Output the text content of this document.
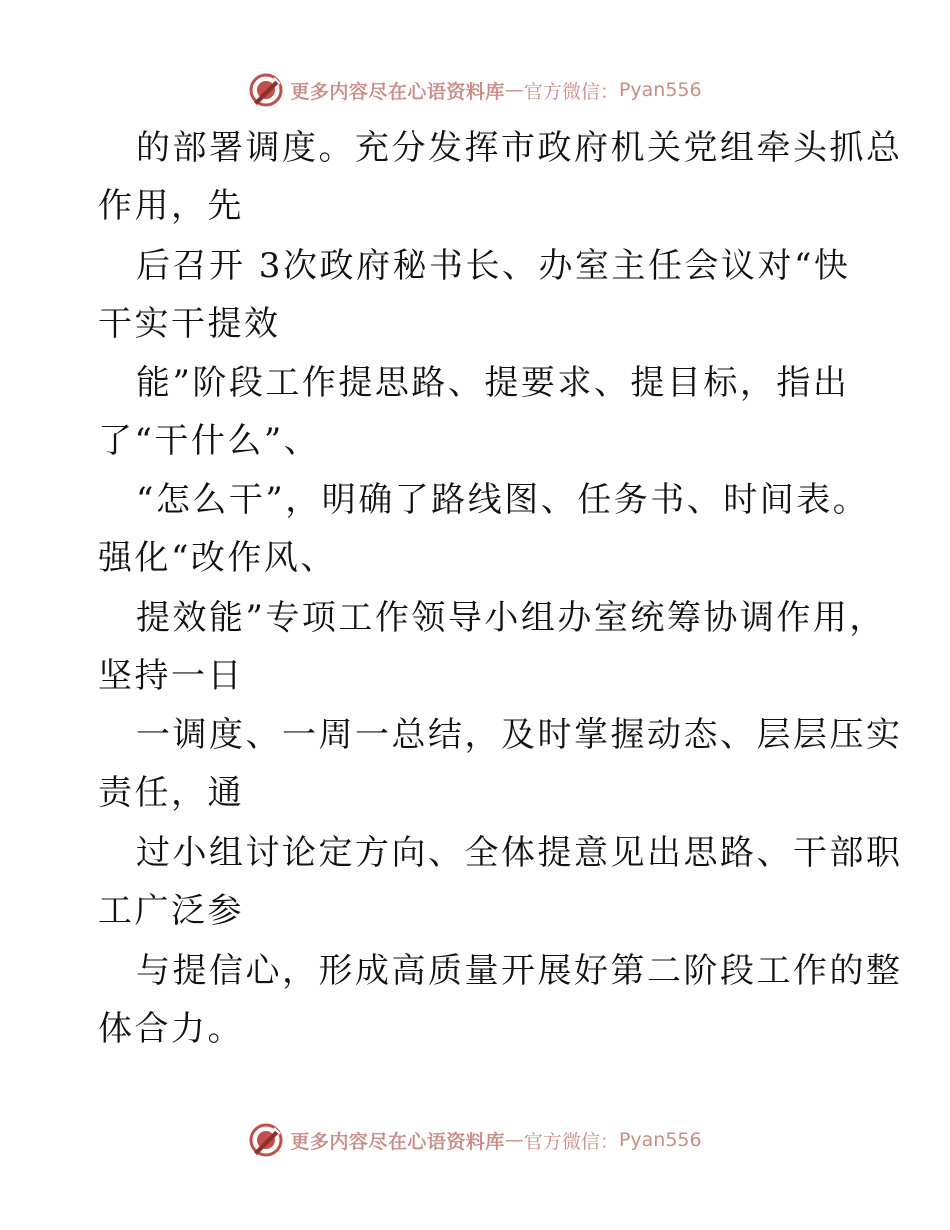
更多内容尽在心语资料库 — 官方微信： Pyan556
的部署调度。充分发挥市政府机关党组牵头抓总
作用，先
后召开 3次政府秘书长、办室主任会议对“快
干实干提效
能”阶段工作提思路、提要求、提目标，指出
了“干什么”、
“怎么干”，明确了路线图、任务书、时间表。
强化“改作风、
提效能”专项工作领导小组办室统筹协调作用，
坚持一日
一调度、一周一总结，及时掌握动态、层层压实
责任，通
过小组讨论定方向、全体提意见出思路、干部职
工广泛参
与提信心，形成高质量开展好第二阶段工作的整
体合力。
更多内容尽在心语资料库 — 官方微信： Pyan556
